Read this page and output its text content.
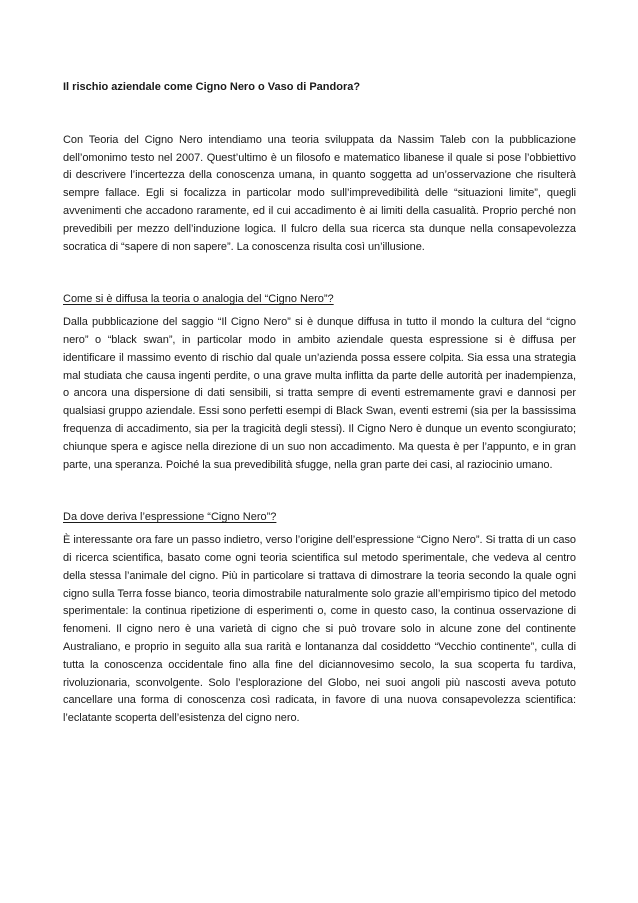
Il rischio aziendale come Cigno Nero o Vaso di Pandora?

Con Teoria del Cigno Nero intendiamo una teoria sviluppata da Nassim Taleb con la pubblicazione dell’omonimo testo nel 2007. Quest’ultimo è un filosofo e matematico libanese il quale si pose l’obbiettivo di descrivere l’incertezza della conoscenza umana, in quanto soggetta ad un’osservazione che risulterà sempre fallace. Egli si focalizza in particolar modo sull’imprevedibilità delle “situazioni limite”, quegli avvenimenti che accadono raramente, ed il cui accadimento è ai limiti della casualità. Proprio perché non prevedibili per mezzo dell’induzione logica. Il fulcro della sua ricerca sta dunque nella consapevolezza socratica di “sapere di non sapere”. La conoscenza risulta così un’illusione.

Come si è diffusa la teoria o analogia del “Cigno Nero”?

Dalla pubblicazione del saggio “Il Cigno Nero” si è dunque diffusa in tutto il mondo la cultura del “cigno nero” o “black swan”, in particolar modo in ambito aziendale questa espressione si è diffusa per identificare il massimo evento di rischio dal quale un’azienda possa essere colpita. Sia essa una strategia mal studiata che causa ingenti perdite, o una grave multa inflitta da parte delle autorità per inadempienza, o ancora una dispersione di dati sensibili, si tratta sempre di eventi estremamente gravi e dannosi per qualsiasi gruppo aziendale. Essi sono perfetti esempi di Black Swan, eventi estremi (sia per la bassissima frequenza di accadimento, sia per la tragicità degli stessi). Il Cigno Nero è dunque un evento scongiurato; chiunque spera e agisce nella direzione di un suo non accadimento. Ma questa è per l’appunto, e in gran parte, una speranza. Poiché la sua prevedibilità sfugge, nella gran parte dei casi, al raziocinio umano.

Da dove deriva l’espressione “Cigno Nero”?

È interessante ora fare un passo indietro, verso l’origine dell’espressione “Cigno Nero”. Si tratta di un caso di ricerca scientifica, basato come ogni teoria scientifica sul metodo sperimentale, che vedeva al centro della stessa l’animale del cigno. Più in particolare si trattava di dimostrare la teoria secondo la quale ogni cigno sulla Terra fosse bianco, teoria dimostrabile naturalmente solo grazie all’empirismo tipico del metodo sperimentale: la continua ripetizione di esperimenti o, come in questo caso, la continua osservazione di fenomeni. Il cigno nero è una varietà di cigno che si può trovare solo in alcune zone del continente Australiano, e proprio in seguito alla sua rarità e lontananza dal cosiddetto “Vecchio continente”, culla di tutta la conoscenza occidentale fino alla fine del diciannovesimo secolo, la sua scoperta fu tardiva, rivoluzionaria, sconvolgente. Solo l’esplorazione del Globo, nei suoi angoli più nascosti aveva potuto cancellare una forma di conoscenza così radicata, in favore di una nuova consapevolezza scientifica: l’eclatante scoperta dell’esistenza del cigno nero.
